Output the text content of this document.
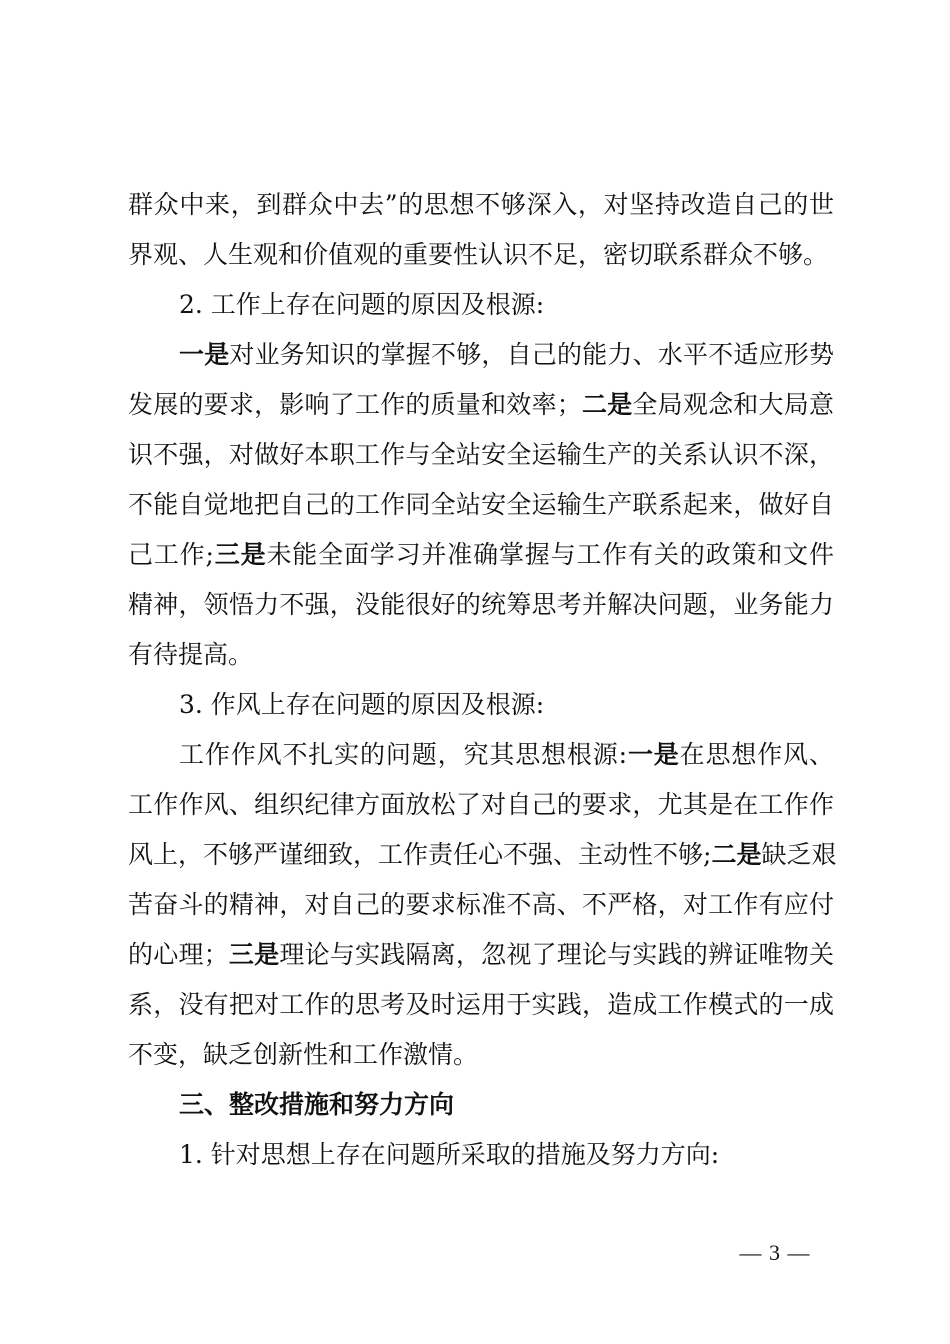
群众中来，到群众中去”的思想不够深入，对坚持改造自己的世
界观、人生观和价值观的重要性认识不足，密切联系群众不够。
2. 工作上存在问题的原因及根源:
一是对业务知识的掌握不够，自己的能力、水平不适应形势
发展的要求，影响了工作的质量和效率；二是全局观念和大局意
识不强，对做好本职工作与全站安全运输生产的关系认识不深，
不能自觉地把自己的工作同全站安全运输生产联系起来，做好自
己工作;三是未能全面学习并准确掌握与工作有关的政策和文件
精神，领悟力不强，没能很好的统筹思考并解决问题，业务能力
有待提高。
3. 作风上存在问题的原因及根源:
工作作风不扎实的问题，究其思想根源:一是在思想作风、
工作作风、组织纪律方面放松了对自己的要求，尤其是在工作作
风上，不够严谨细致，工作责任心不强、主动性不够;二是缺乏艰
苦奋斗的精神，对自己的要求标准不高、不严格，对工作有应付
的心理；三是理论与实践隔离，忽视了理论与实践的辨证唯物关
系，没有把对工作的思考及时运用于实践，造成工作模式的一成
不变，缺乏创新性和工作激情。
三、整改措施和努力方向
1. 针对思想上存在问题所采取的措施及努力方向:
— 3 —
